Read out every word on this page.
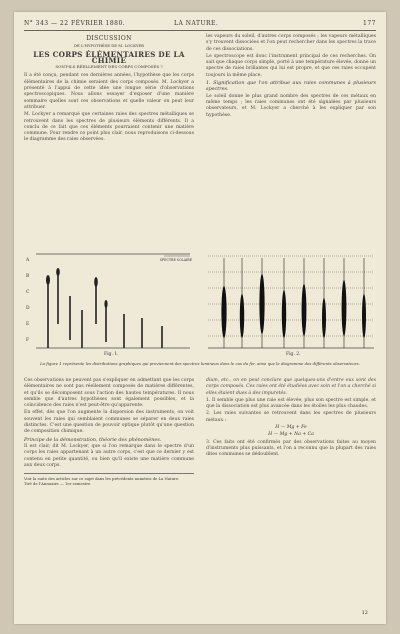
N° 343 — 22 FÉVRIER 1880.	LA NATURE.	177
DISCUSSION
DE L'HYPOTHÈSE DE M. LOCKYER
LES CORPS ÉLÉMENTAIRES DE LA CHIMIE
SONT-ILS RÉELLEMENT DES CORPS COMPOSÉS ?

Il a été conçu, pendant ces dernières années, l'hypothèse que les corps élémentaires de la chimie seraient des corps composés. M. Lockyer a présenté à l'appui de cette idée une longue série d'observations spectroscopiques. Nous allons essayer d'exposer d'une manière sommaire quelles sont ces observations et quelle valeur on peut leur attribuer.

M. Lockyer a remarqué que certaines raies des spectres métalliques se retrouvent dans les spectres de plusieurs éléments différents. Il a conclu de ce fait que ces éléments pourraient contenir une matière commune. Pour rendre ce point plus clair, nous reproduisons ci-dessous le diagramme des raies observées.

les vapeurs du soleil, d'autres corps composés ; les vapeurs métalliques s'y trouvent dissociées et l'on peut rechercher dans les spectres la trace de ces dissociations.

Le spectroscope est donc l'instrument principal de ces recherches. On sait que chaque corps simple, porté à une température élevée, donne un spectre de raies brillantes qui lui est propre, et que ces raies occupent toujours la même place.

1. Signification que l'on attribue aux raies communes à plusieurs spectres.

Le soleil donne le plus grand nombre des spectres de ces métaux en même temps ; les raies communes ont été signalées par plusieurs observateurs, et M. Lockyer a cherché à les expliquer par son hypothèse.

SPECTRE SOLAIRE
A
B
C
D
E
F
Fig. 1.	Fig. 2.
La figure 1 représente les distributions graphiques qui proviennent des spectres lumineux dans le cas du fer, ainsi que le diagramme des différents observateurs.

Ces observations ne peuvent pas s'expliquer en admettant que les corps élémentaires ne sont pas réellement composés de matières différentes, et qu'ils se décomposent sous l'action des hautes températures. Il nous semble que d'autres hypothèses sont également possibles, et la coïncidence des raies n'est peut-être qu'apparente.

En effet, dès que l'on augmente la dispersion des instruments, on voit souvent les raies qui semblaient communes se séparer en deux raies distinctes. C'est une question de pouvoir optique plutôt qu'une question de composition chimique.

Principe de la démonstration, théorie des phénomènes.

Il est clair, dit M. Lockyer, que si l'on remarque dans le spectre d'un corps les raies appartenant à un autre corps, c'est que ce dernier y est contenu en petite quantité, ou bien qu'il existe une matière commune aux deux corps.

Voir la suite des articles sur ce sujet dans les précédents numéros de La Nature.
Tiré de l'Annuaire — 1er semestre.

dium, etc., on en peut conclure que quelques-uns d'entre eux sont des corps composés. Ces raies ont été étudiées avec soin et l'on a cherché si elles étaient dues à des impuretés.

1. Il semble que plus une raie est élevée, plus son spectre est simple, et que la dissociation est plus avancée dans les étoiles les plus chaudes.

2. Les raies suivantes se retrouvent dans les spectres de plusieurs métaux :

H — Mg + Fe
H — Mg + Na + Ca

3. Ces faits ont été confirmés par des observations faites au moyen d'instruments plus puissants, et l'on a reconnu que la plupart des raies dites communes se dédoublent.

12
